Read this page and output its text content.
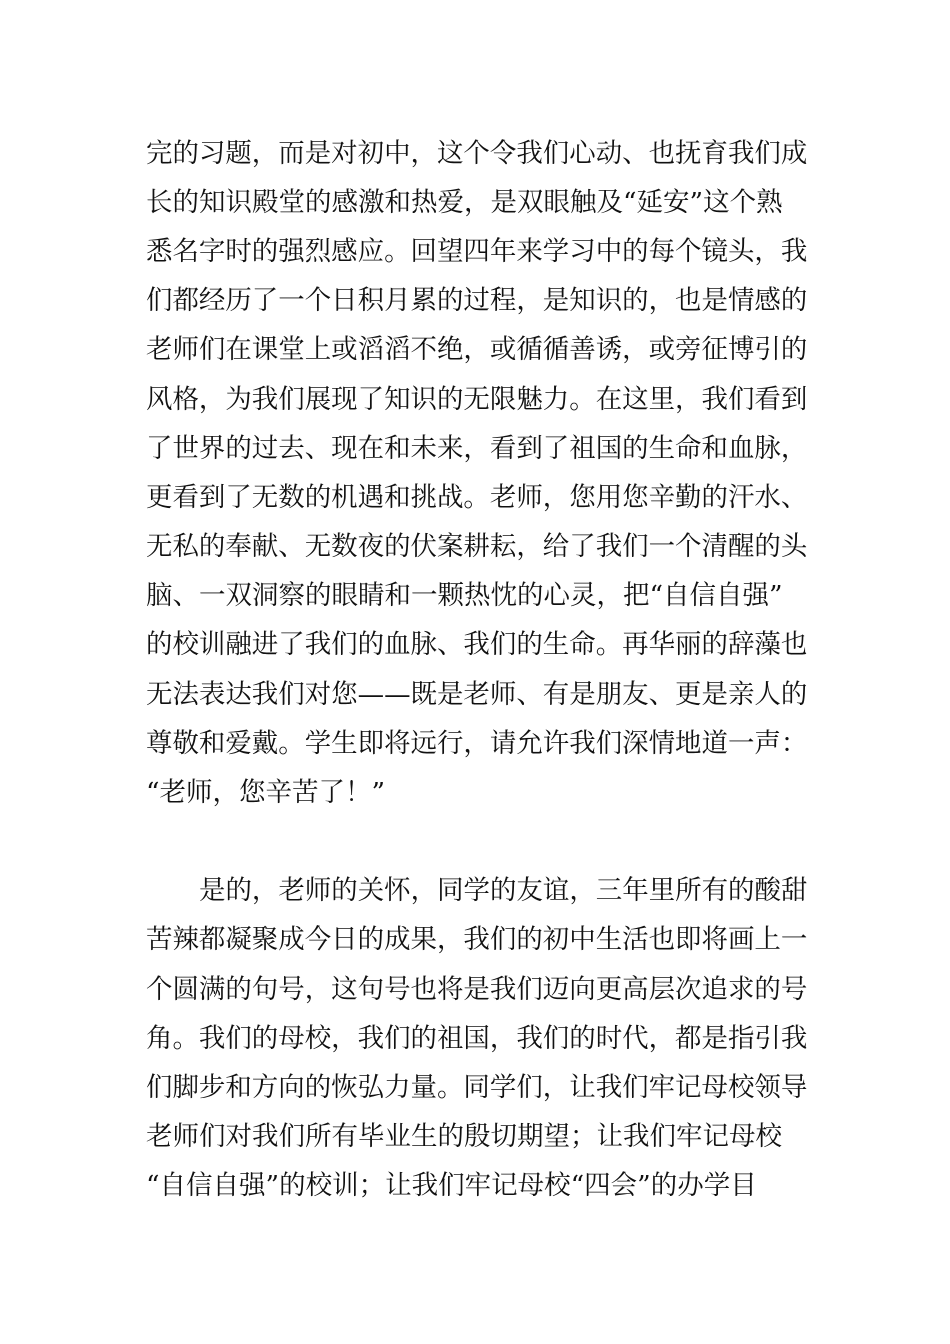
完的习题，而是对初中，这个令我们心动、也抚育我们成
长的知识殿堂的感激和热爱，是双眼触及“延安”这个熟
悉名字时的强烈感应。回望四年来学习中的每个镜头，我
们都经历了一个日积月累的过程，是知识的，也是情感的
老师们在课堂上或滔滔不绝，或循循善诱，或旁征博引的
风格，为我们展现了知识的无限魅力。在这里，我们看到
了世界的过去、现在和未来，看到了祖国的生命和血脉，
更看到了无数的机遇和挑战。老师，您用您辛勤的汗水、
无私的奉献、无数夜的伏案耕耘，给了我们一个清醒的头
脑、一双洞察的眼睛和一颗热忱的心灵，把“自信自强”
的校训融进了我们的血脉、我们的生命。再华丽的辞藻也
无法表达我们对您——既是老师、有是朋友、更是亲人的
尊敬和爱戴。学生即将远行，请允许我们深情地道一声：
“老师，您辛苦了！”
是的，老师的关怀，同学的友谊，三年里所有的酸甜
苦辣都凝聚成今日的成果，我们的初中生活也即将画上一
个圆满的句号，这句号也将是我们迈向更高层次追求的号
角。我们的母校，我们的祖国，我们的时代，都是指引我
们脚步和方向的恢弘力量。同学们，让我们牢记母校领导
老师们对我们所有毕业生的殷切期望；让我们牢记母校
“自信自强”的校训；让我们牢记母校“四会”的办学目
